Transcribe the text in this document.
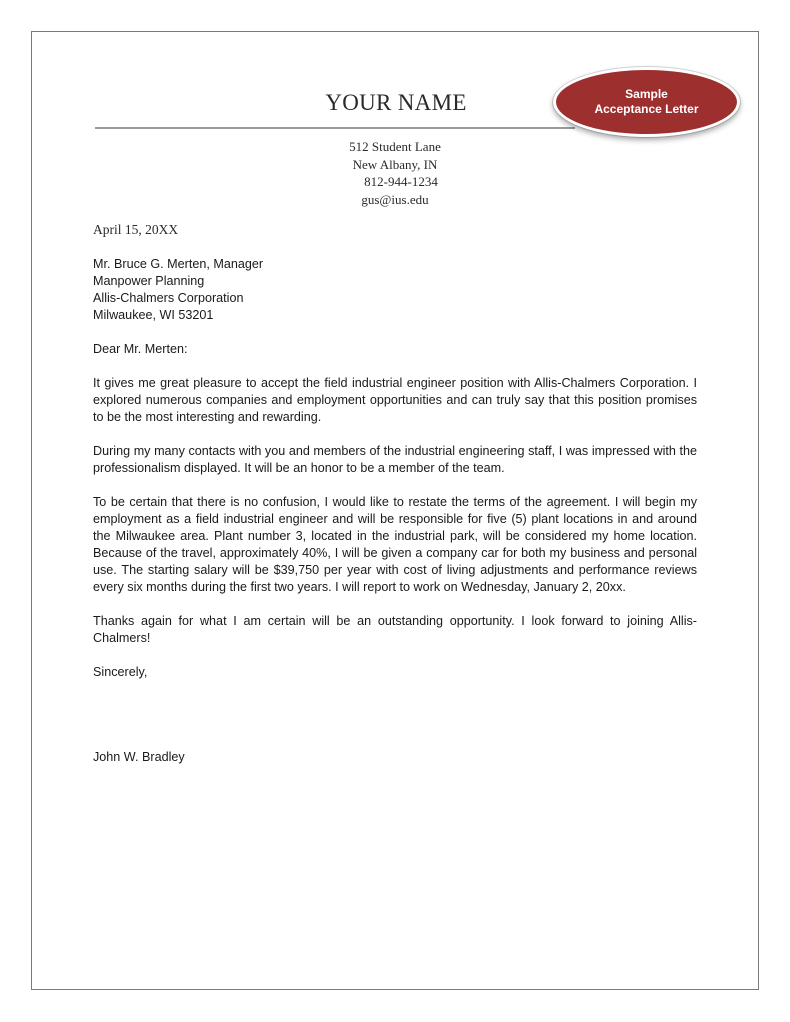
YOUR NAME	Sample
Acceptance Letter
512 Student Lane
New Albany, IN
812-944-1234
gus@ius.edu
April 15, 20XX
Mr. Bruce G. Merten, Manager
Manpower Planning
Allis-Chalmers Corporation
Milwaukee, WI 53201

Dear Mr. Merten:

It gives me great pleasure to accept the field industrial engineer position with Allis-Chalmers Corporation. I explored numerous companies and employment opportunities and can truly say that this position promises to be the most interesting and rewarding.

During my many contacts with you and members of the industrial engineering staff, I was impressed with the professionalism displayed. It will be an honor to be a member of the team.

To be certain that there is no confusion, I would like to restate the terms of the agreement. I will begin my employment as a field industrial engineer and will be responsible for five (5) plant locations in and around the Milwaukee area. Plant number 3, located in the industrial park, will be considered my home location. Because of the travel, approximately 40%, I will be given a company car for both my business and personal use. The starting salary will be $39,750 per year with cost of living adjustments and performance reviews every six months during the first two years. I will report to work on Wednesday, January 2, 20xx.

Thanks again for what I am certain will be an outstanding opportunity. I look forward to joining Allis-Chalmers!

Sincerely,

John W. Bradley
